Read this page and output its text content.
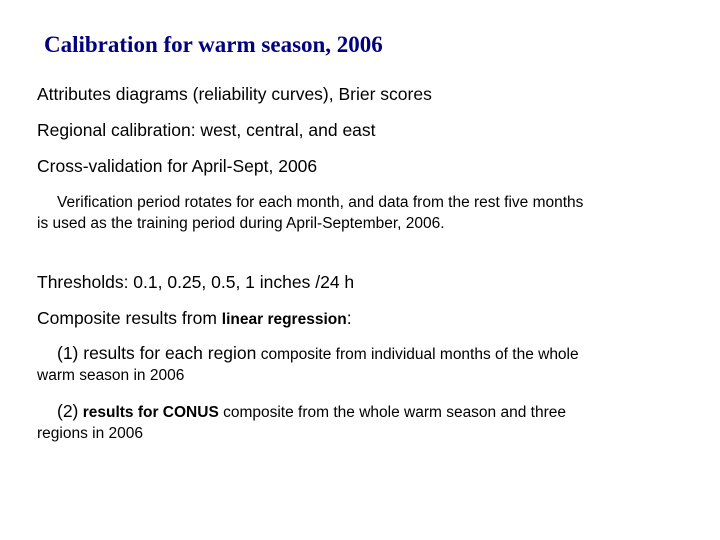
Calibration for warm season, 2006
Attributes diagrams (reliability curves), Brier scores
Regional calibration: west, central, and east
Cross-validation for April-Sept, 2006
Verification period rotates for each month, and data from the rest five months is used as the training period during April-September, 2006.
Thresholds: 0.1, 0.25, 0.5, 1 inches /24 h
Composite results from linear regression:
(1) results for each region composite from individual months of the whole warm season in 2006
(2) results for CONUS composite from the whole warm season and three regions in 2006
